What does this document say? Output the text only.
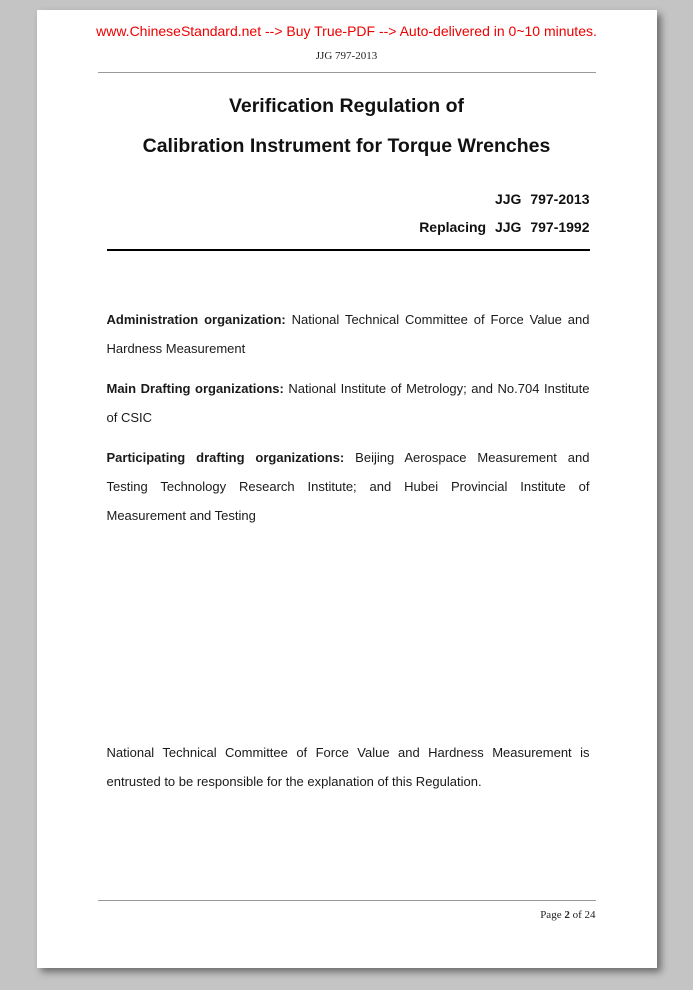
www.ChineseStandard.net --> Buy True-PDF --> Auto-delivered in 0~10 minutes.
JJG 797-2013
Verification Regulation of
Calibration Instrument for Torque Wrenches
JJG 797-2013
Replacing JJG 797-1992

Administration organization: National Technical Committee of Force Value and Hardness Measurement

Main Drafting organizations: National Institute of Metrology; and No.704 Institute of CSIC

Participating drafting organizations: Beijing Aerospace Measurement and Testing Technology Research Institute; and Hubei Provincial Institute of Measurement and Testing

National Technical Committee of Force Value and Hardness Measurement is entrusted to be responsible for the explanation of this Regulation.

Page 2 of 24
